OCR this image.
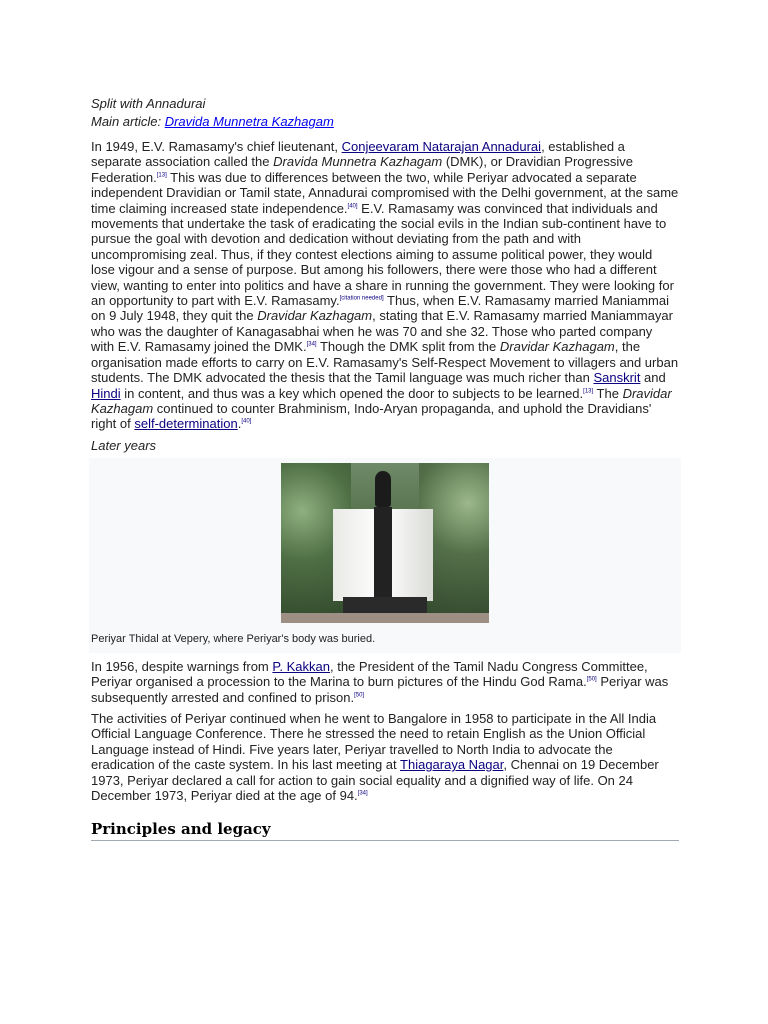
Split with Annadurai

Main article: Dravida Munnetra Kazhagam

In 1949, E.V. Ramasamy's chief lieutenant, Conjeevaram Natarajan Annadurai, established a separate association called the Dravida Munnetra Kazhagam (DMK), or Dravidian Progressive Federation.[13] This was due to differences between the two, while Periyar advocated a separate independent Dravidian or Tamil state, Annadurai compromised with the Delhi government, at the same time claiming increased state independence.[40] E.V. Ramasamy was convinced that individuals and movements that undertake the task of eradicating the social evils in the Indian sub-continent have to pursue the goal with devotion and dedication without deviating from the path and with uncompromising zeal. Thus, if they contest elections aiming to assume political power, they would lose vigour and a sense of purpose. But among his followers, there were those who had a different view, wanting to enter into politics and have a share in running the government. They were looking for an opportunity to part with E.V. Ramasamy.[citation needed] Thus, when E.V. Ramasamy married Maniammai on 9 July 1948, they quit the Dravidar Kazhagam, stating that E.V. Ramasamy married Maniammayar who was the daughter of Kanagasabhai when he was 70 and she 32. Those who parted company with E.V. Ramasamy joined the DMK.[34] Though the DMK split from the Dravidar Kazhagam, the organisation made efforts to carry on E.V. Ramasamy's Self-Respect Movement to villagers and urban students. The DMK advocated the thesis that the Tamil language was much richer than Sanskrit and Hindi in content, and thus was a key which opened the door to subjects to be learned.[13] The Dravidar Kazhagam continued to counter Brahminism, Indo-Aryan propaganda, and uphold the Dravidians' right of self-determination.[40]

Later years

Periyar Thidal at Vepery, where Periyar's body was buried.

In 1956, despite warnings from P. Kakkan, the President of the Tamil Nadu Congress Committee, Periyar organised a procession to the Marina to burn pictures of the Hindu God Rama.[50] Periyar was subsequently arrested and confined to prison.[50]

The activities of Periyar continued when he went to Bangalore in 1958 to participate in the All India Official Language Conference. There he stressed the need to retain English as the Union Official Language instead of Hindi. Five years later, Periyar travelled to North India to advocate the eradication of the caste system. In his last meeting at Thiagaraya Nagar, Chennai on 19 December 1973, Periyar declared a call for action to gain social equality and a dignified way of life. On 24 December 1973, Periyar died at the age of 94.[34]

Principles and legacy
